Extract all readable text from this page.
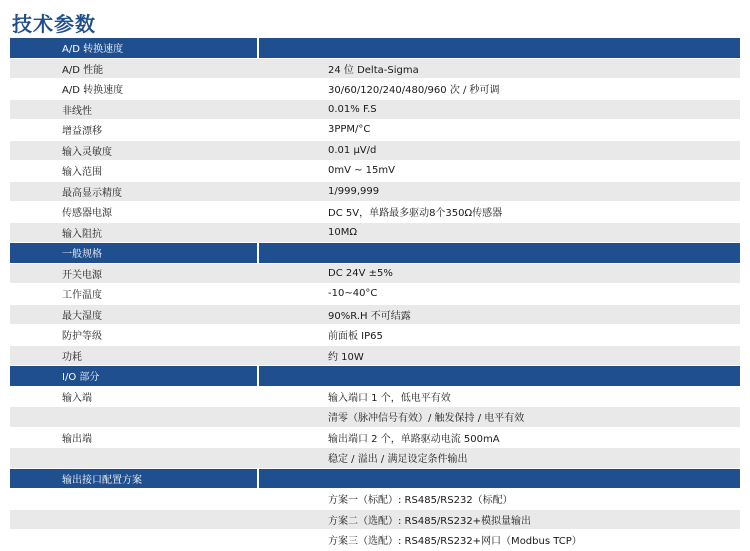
技术参数
A/D 转换速度
A/D 性能	24 位 Delta-Sigma
A/D 转换速度	30/60/120/240/480/960 次 / 秒可调
非线性	0.01% F.S
增益漂移	3PPM/°C
输入灵敏度	0.01 μV/d
输入范围	0mV ~ 15mV
最高显示精度	1/999,999
传感器电源	DC 5V，单路最多驱动8个350Ω传感器
输入阻抗	10MΩ
一般规格
开关电源	DC 24V ±5%
工作温度	-10~40°C
最大湿度	90%R.H 不可结露
防护等级	前面板 IP65
功耗	约 10W
I/O 部分
输入端	输入端口 1 个，低电平有效
清零（脉冲信号有效）/ 触发保持 / 电平有效
输出端	输出端口 2 个，单路驱动电流 500mA
稳定 / 溢出 / 满足设定条件输出
输出接口配置方案
方案一（标配）: RS485/RS232（标配）
方案二（选配）: RS485/RS232+模拟量输出
方案三（选配）: RS485/RS232+网口（Modbus TCP）
